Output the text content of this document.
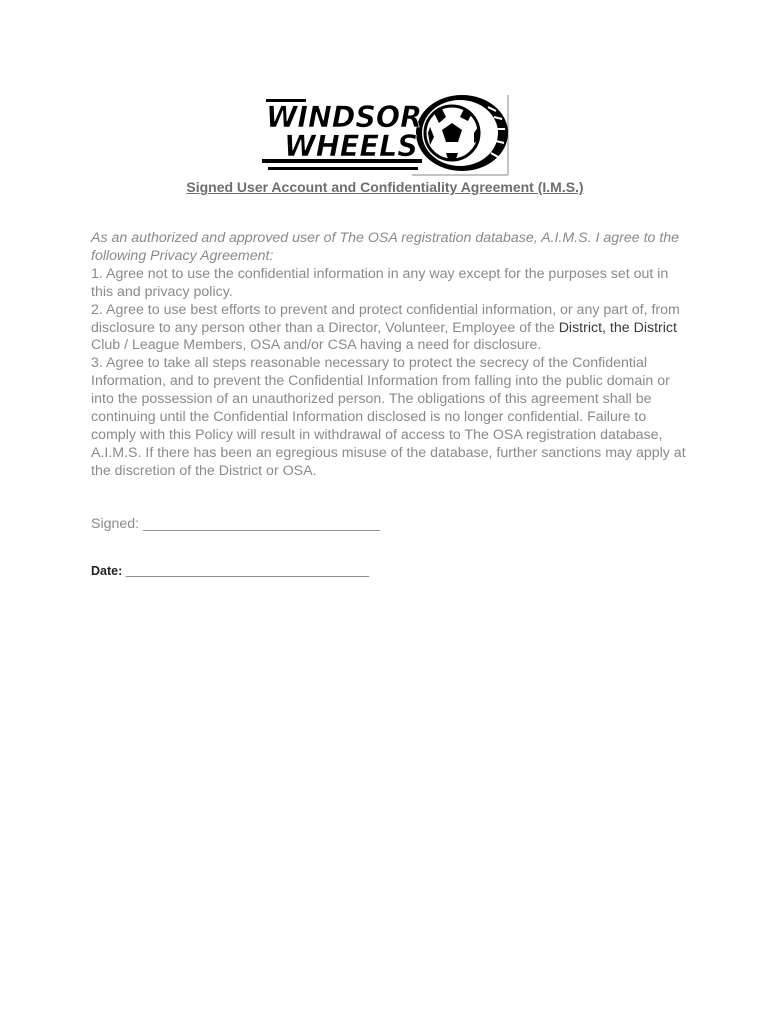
WINDSOR
WHEELS

Signed User Account and Confidentiality Agreement (I.M.S.)

As an authorized and approved user of The OSA registration database, A.I.M.S. I agree to the following Privacy Agreement:

1. Agree not to use the confidential information in any way except for the purposes set out in this and privacy policy.

2. Agree to use best efforts to prevent and protect confidential information, or any part of, from disclosure to any person other than a Director, Volunteer, Employee of the District, the District Club / League Members, OSA and/or CSA having a need for disclosure.

3. Agree to take all steps reasonable necessary to protect the secrecy of the Confidential Information, and to prevent the Confidential Information from falling into the public domain or into the possession of an unauthorized person. The obligations of this agreement shall be continuing until the Confidential Information disclosed is no longer confidential. Failure to comply with this Policy will result in withdrawal of access to The OSA registration database, A.I.M.S. If there has been an egregious misuse of the database, further sanctions may apply at the discretion of the District or OSA.

Signed: ______________________________

Date: ___________________________________
